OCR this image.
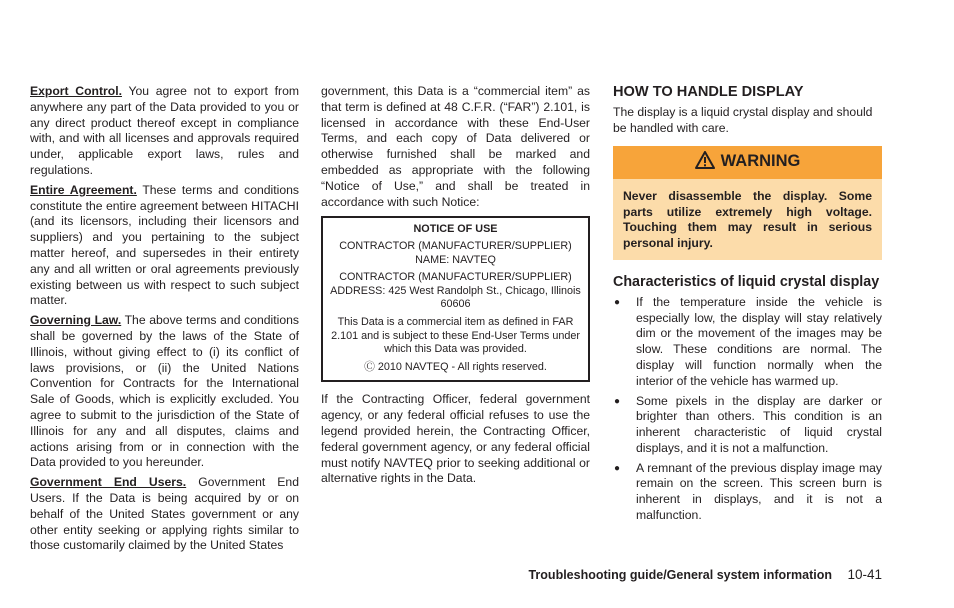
Export Control. You agree not to export from anywhere any part of the Data provided to you or any direct product thereof except in compliance with, and with all licenses and approvals required under, applicable export laws, rules and regulations.

Entire Agreement. These terms and conditions constitute the entire agreement between HITACHI (and its licensors, including their licensors and suppliers) and you pertaining to the subject matter hereof, and supersedes in their entirety any and all written or oral agreements previously existing between us with respect to such subject matter.

Governing Law. The above terms and conditions shall be governed by the laws of the State of Illinois, without giving effect to (i) its conflict of laws provisions, or (ii) the United Nations Convention for Contracts for the International Sale of Goods, which is explicitly excluded. You agree to submit to the jurisdiction of the State of Illinois for any and all disputes, claims and actions arising from or in connection with the Data provided to you hereunder.

Government End Users. Government End Users. If the Data is being acquired by or on behalf of the United States government or any other entity seeking or applying rights similar to those customarily claimed by the United States

government, this Data is a “commercial item” as that term is defined at 48 C.F.R. (“FAR”) 2.101, is licensed in accordance with these End-User Terms, and each copy of Data delivered or otherwise furnished shall be marked and embedded as appropriate with the following “Notice of Use,” and shall be treated in accordance with such Notice:

NOTICE OF USE
CONTRACTOR (MANUFACTURER/SUPPLIER) NAME: NAVTEQ
CONTRACTOR (MANUFACTURER/SUPPLIER) ADDRESS: 425 West Randolph St., Chicago, Illinois 60606
This Data is a commercial item as defined in FAR 2.101 and is subject to these End-User Terms under which this Data was provided.
Ⓒ 2010 NAVTEQ - All rights reserved.

If the Contracting Officer, federal government agency, or any federal official refuses to use the legend provided herein, the Contracting Officer, federal government agency, or any federal official must notify NAVTEQ prior to seeking additional or alternative rights in the Data.

HOW TO HANDLE DISPLAY

The display is a liquid crystal display and should be handled with care.

WARNING
Never disassemble the display. Some parts utilize extremely high voltage. Touching them may result in serious personal injury.
Characteristics of liquid crystal display
●	If the temperature inside the vehicle is especially low, the display will stay relatively dim or the movement of the images may be slow. These conditions are normal. The display will function normally when the interior of the vehicle has warmed up.
●	Some pixels in the display are darker or brighter than others. This condition is an inherent characteristic of liquid crystal displays, and it is not a malfunction.
●	A remnant of the previous display image may remain on the screen. This screen burn is inherent in displays, and it is not a malfunction.
Troubleshooting guide/General system information 10-41
